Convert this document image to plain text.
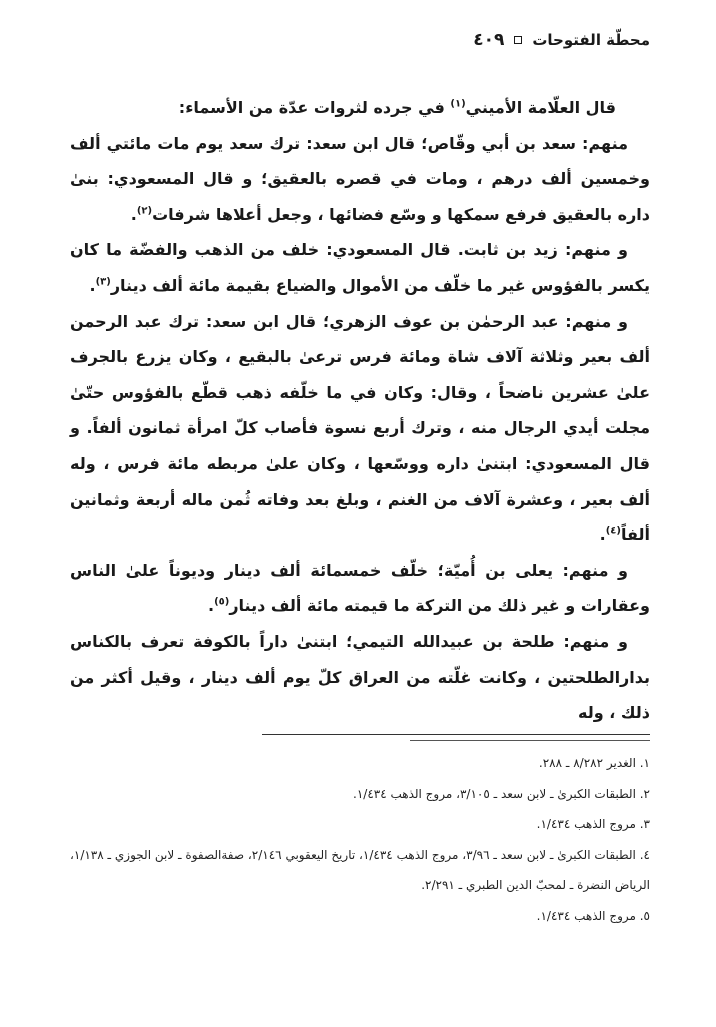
محطّة الفتوحات
٤٠٩

قال العلّامة الأميني$^{(١)}$ في جرده لثروات عدّة من الأسماء:

منهم: سعد بن أبي وقّاص؛ قال ابن سعد: ترك سعد يوم مات مائتي ألف وخمسين ألف درهم ، ومات في قصره بالعقيق؛ و قال المسعودي: بنىٰ داره بالعقيق فرفع سمكها و وسّع فضائها ، وجعل أعلاها شرفات$^{(٢)}$.

و منهم: زيد بن ثابت. قال المسعودي: خلف من الذهب والفضّة ما كان يكسر بالفؤوس غير ما خلّف من الأموال والضياع بقيمة مائة ألف دينار$^{(٣)}$.

و منهم: عبد الرحمٰن بن عوف الزهري؛ قال ابن سعد: ترك عبد الرحمن ألف بعير وثلاثة آلاف شاة ومائة فرس ترعىٰ بالبقيع ، وكان يزرع بالجرف علىٰ عشرين ناضحاً ، وقال: وكان في ما خلّفه ذهب قطّع بالفؤوس حتّىٰ مجلت أيدي الرجال منه ، وترك أربع نسوة فأصاب كلّ امرأة ثمانون ألفاً. و قال المسعودي: ابتنىٰ داره ووسّعها ، وكان علىٰ مربطه مائة فرس ، وله ألف بعير ، وعشرة آلاف من الغنم ، وبلغ بعد وفاته ثُمن ماله أربعة وثمانين ألفاً$^{(٤)}$.

و منهم: يعلى بن أُميّة؛ خلّف خمسمائة ألف دينار وديوناً علىٰ الناس وعقارات و غير ذلك من التركة ما قيمته مائة ألف دينار$^{(٥)}$.

و منهم: طلحة بن عبيدالله التيمي؛ ابتنىٰ داراً بالكوفة تعرف بالكناس بدارالطلحتين ، وكانت غلّته من العراق كلّ يوم ألف دينار ، وقيل أكثر من ذلك ، وله

١. الغدير ٨/٢٨٢ ـ ٢٨٨.

٢. الطبقات الكبرىٰ ـ لابن سعد ـ ٣/١٠٥، مروج الذهب ١/٤٣٤.

٣. مروج الذهب ١/٤٣٤.

٤. الطبقات الكبرىٰ ـ لابن سعد ـ ٣/٩٦، مروج الذهب ١/٤٣٤، تاريخ اليعقوبي ٢/١٤٦، صفةالصفوة ـ لابن الجوزي ـ ١/١٣٨، الرياض النضرة ـ لمحبّ الدين الطبري ـ ٢/٢٩١.

٥. مروج الذهب ١/٤٣٤.
